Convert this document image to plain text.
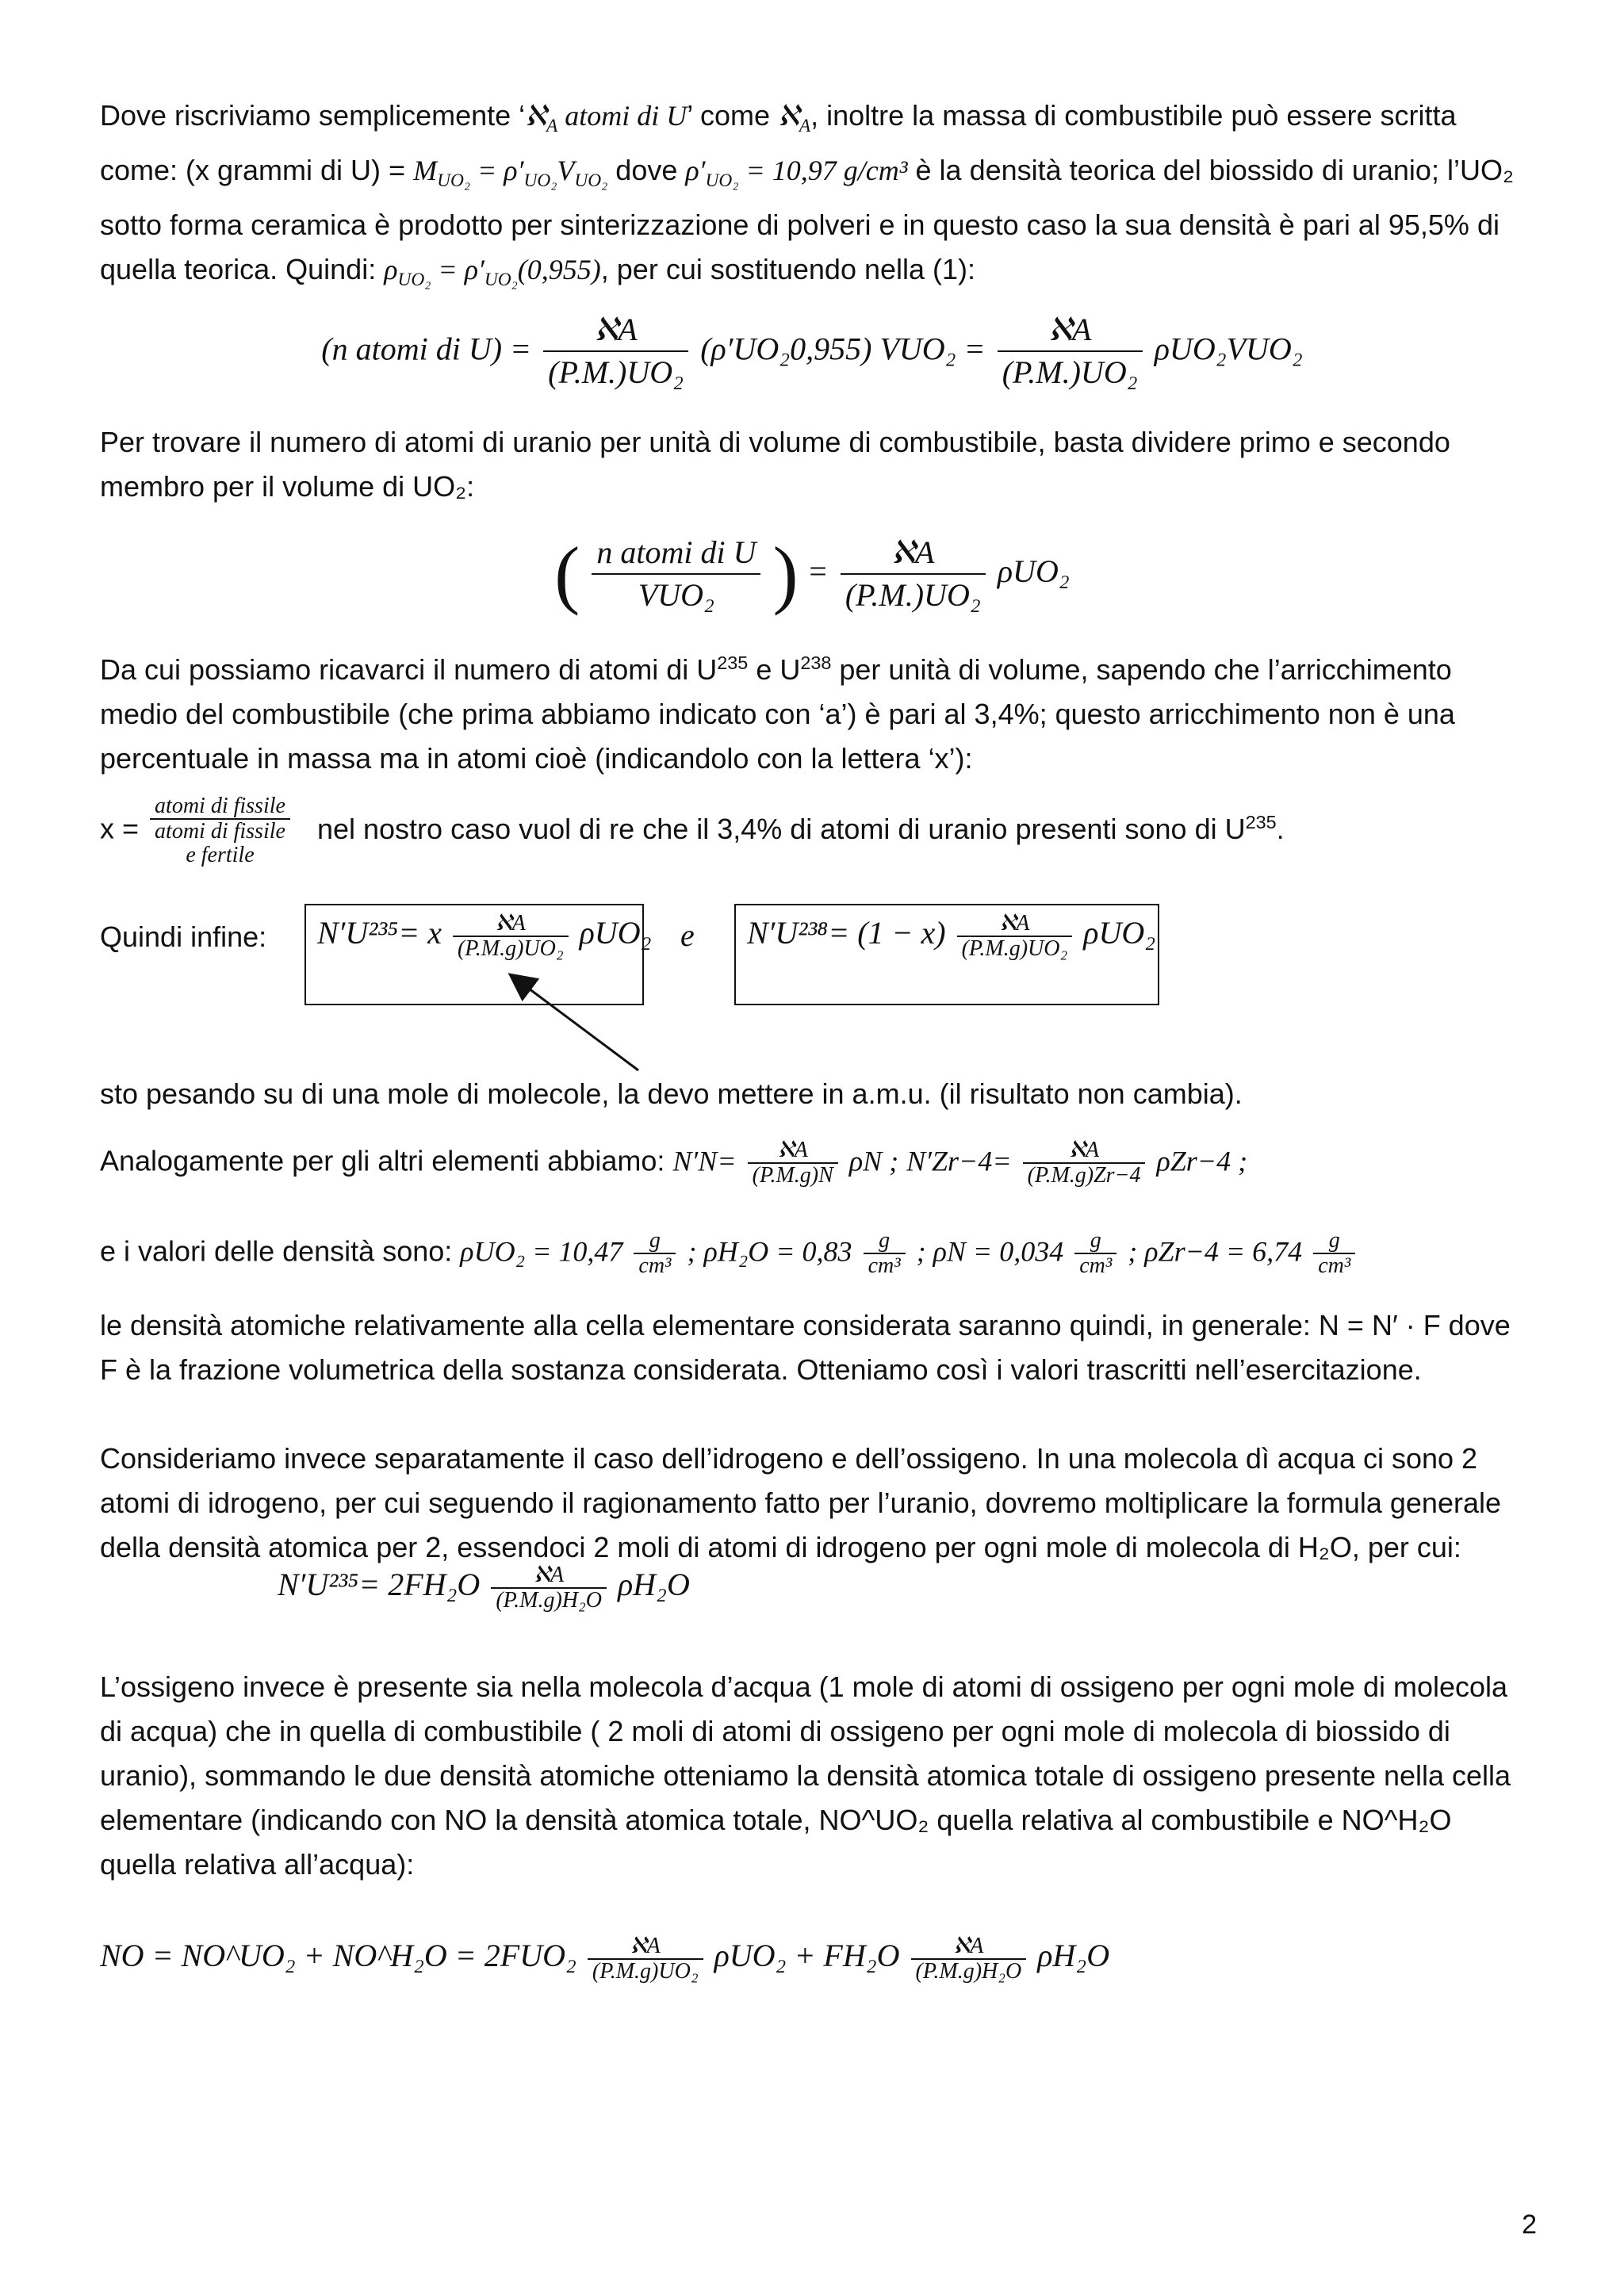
Dove riscriviamo semplicemente ‘ℵ$_A$ atomi di U’ come ℵ$_A$, inoltre la massa di combustibile può essere scritta come: (x grammi di $U) = M_{UO_2} = \rho'_{UO_2}V_{UO_2}$ dove $\rho'_{UO_2} = 10,97$ g/cm³ è la densità teorica del biossido di uranio; l’UO₂ sotto forma ceramica è prodotto per sinterizzazione di polveri e in questo caso la sua densità è pari al 95,5% di quella teorica. Quindi: $\rho_{UO_2} = \rho'_{UO_2}(0,955)$, per cui sostituendo nella (1):

(n atomi di $U) = \frac{\text{ℵA}}{\text{(P.M.)UO₂}} (\rho'UO_20,955) VUO_2 = \frac{\text{ℵA}}{\text{(P.M.)UO₂}} \rho UO_2VUO_2$

Per trovare il numero di atomi di uranio per unità di volume di combustibile, basta dividere primo e secondo membro per il volume di UO₂:

( $\frac{\text{n atomi di U}}{\text{VUO₂}}$ ) = $\frac{\text{ℵA}}{\text{(P.M.)UO₂}} \rho UO_2$

Da cui possiamo ricavarci il numero di atomi di $U^{235}$ e $U^{238}$ per unità di volume, sapendo che l’arricchimento medio del combustibile (che prima abbiamo indicato con ‘a’) è pari al 3,4%; questo arricchimento non è una percentuale in massa ma in atomi cioè (indicandolo con la lettera ‘x’):

x =
atomi di fissile
atomi di fissile
e fertile
nel nostro caso vuol di re che il 3,4% di atomi di uranio presenti sono di $U^{235}$.
Quindi infine: N′U²³⁵= x $\frac{\text{ℵA}}{\text{(P.M.g)UO₂}} \rho UO_2$ e $N'U^{238}= (1 - x) \frac{\text{ℵA}}{\text{(P.M.g)UO₂}} \rho UO_2$

sto pesando su di una mole di molecole, la devo mettere in a.m.u. (il risultato non cambia).

Analogamente per gli altri elementi abbiamo: $N'N= \frac{\text{ℵA}}{(P.M.g)N}$ ρN ; $N'Zr-4= \frac{\text{ℵA}}{(P.M.g)Zr-4} \rho Zr-4$ ;
e i valori delle densità sono: $\rho UO_2 = 10,47 \frac{g}{\text{cm³}}$ ; $\rho H_2O = 0,83 \frac{g}{\text{cm³}}$ ; $\rho N = 0,034 \frac{g}{\text{cm³}}$ ; $\rho Zr-4 = 6,74 \frac{g}{\text{cm³}}$

le densità atomiche relativamente alla cella elementare considerata saranno quindi, in generale: N = N′ · F dove F è la frazione volumetrica della sostanza considerata. Otteniamo così i valori trascritti nell’esercitazione.

Consideriamo invece separatamente il caso dell’idrogeno e dell’ossigeno. In una molecola dì acqua ci sono 2 atomi di idrogeno, per cui seguendo il ragionamento fatto per l’uranio, dovremo moltiplicare la formula generale della densità atomica per 2, essendoci 2 moli di atomi di idrogeno per ogni mole di molecola di H₂O, per cui:

$N'U^{235}= 2FH_2O \frac{\text{ℵA}}{\text{(P.M.g)H₂O}} \rho H_2O$

L’ossigeno invece è presente sia nella molecola d’acqua (1 mole di atomi di ossigeno per ogni mole di molecola di acqua) che in quella di combustibile ( 2 moli di atomi di ossigeno per ogni mole di molecola di biossido di uranio), sommando le due densità atomiche otteniamo la densità atomica totale di ossigeno presente nella cella elementare (indicando con NO la densità atomica totale, NO^UO₂ quella relativa al combustibile e NO^H₂O quella relativa all’acqua):

NO = NO^UO₂ + NO^H₂O = $2FUO_2 \frac{\text{ℵA}}{\text{(P.M.g)UO₂}} \rho UO_2 + FH_2O \frac{\text{ℵA}}{\text{(P.M.g)H₂O}} \rho H_2O$
2
